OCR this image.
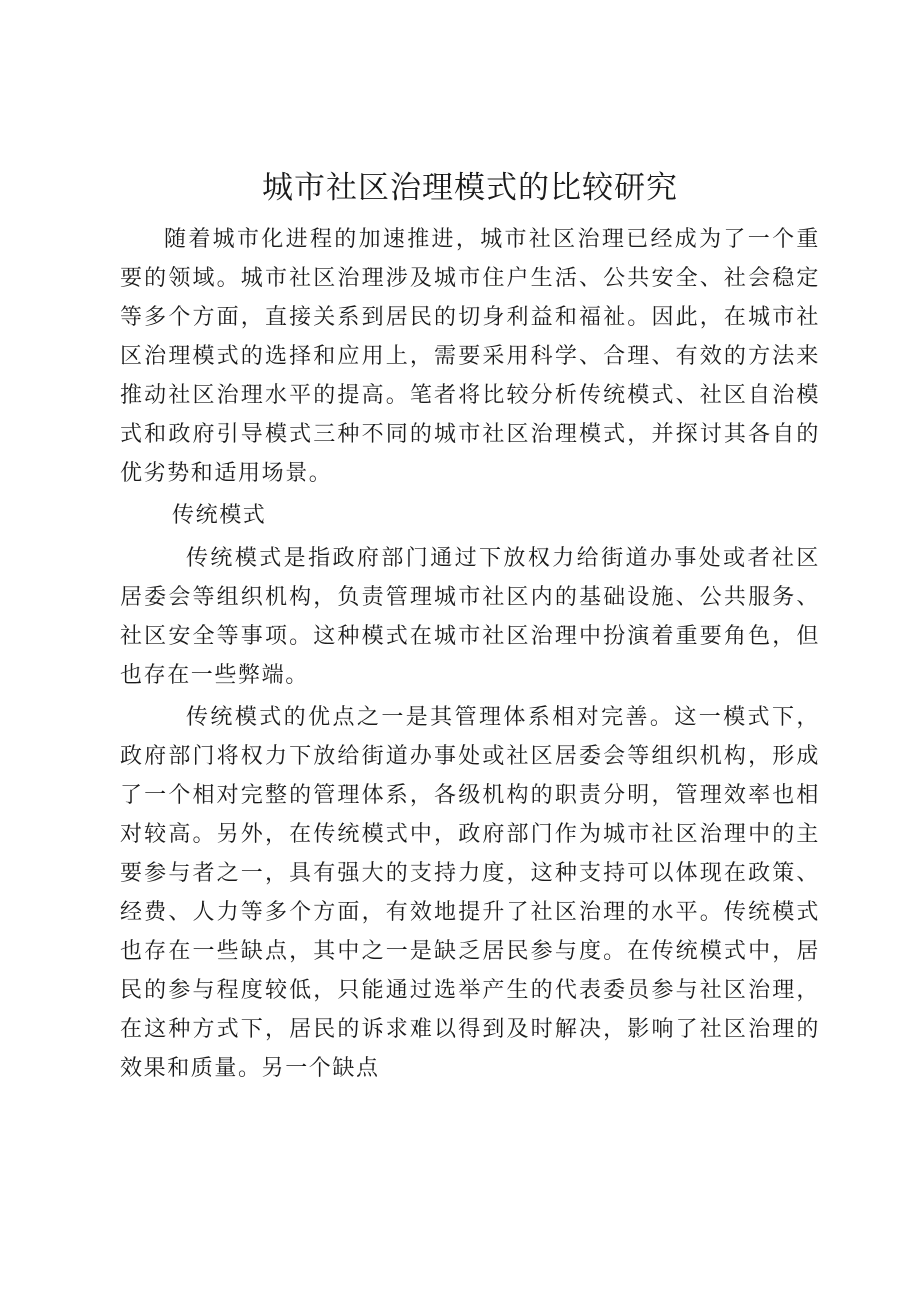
城市社区治理模式的比较研究

随着城市化进程的加速推进，城市社区治理已经成为了一个重要的领域。城市社区治理涉及城市住户生活、公共安全、社会稳定等多个方面，直接关系到居民的切身利益和福祉。因此，在城市社区治理模式的选择和应用上，需要采用科学、合理、有效的方法来推动社区治理水平的提高。笔者将比较分析传统模式、社区自治模式和政府引导模式三种不同的城市社区治理模式，并探讨其各自的优劣势和适用场景。

传统模式

传统模式是指政府部门通过下放权力给街道办事处或者社区居委会等组织机构，负责管理城市社区内的基础设施、公共服务、社区安全等事项。这种模式在城市社区治理中扮演着重要角色，但也存在一些弊端。

传统模式的优点之一是其管理体系相对完善。这一模式下，政府部门将权力下放给街道办事处或社区居委会等组织机构，形成了一个相对完整的管理体系，各级机构的职责分明，管理效率也相对较高。另外，在传统模式中，政府部门作为城市社区治理中的主要参与者之一，具有强大的支持力度，这种支持可以体现在政策、经费、人力等多个方面，有效地提升了社区治理的水平。传统模式也存在一些缺点，其中之一是缺乏居民参与度。在传统模式中，居民的参与程度较低，只能通过选举产生的代表委员参与社区治理，在这种方式下，居民的诉求难以得到及时解决，影响了社区治理的效果和质量。另一个缺点
